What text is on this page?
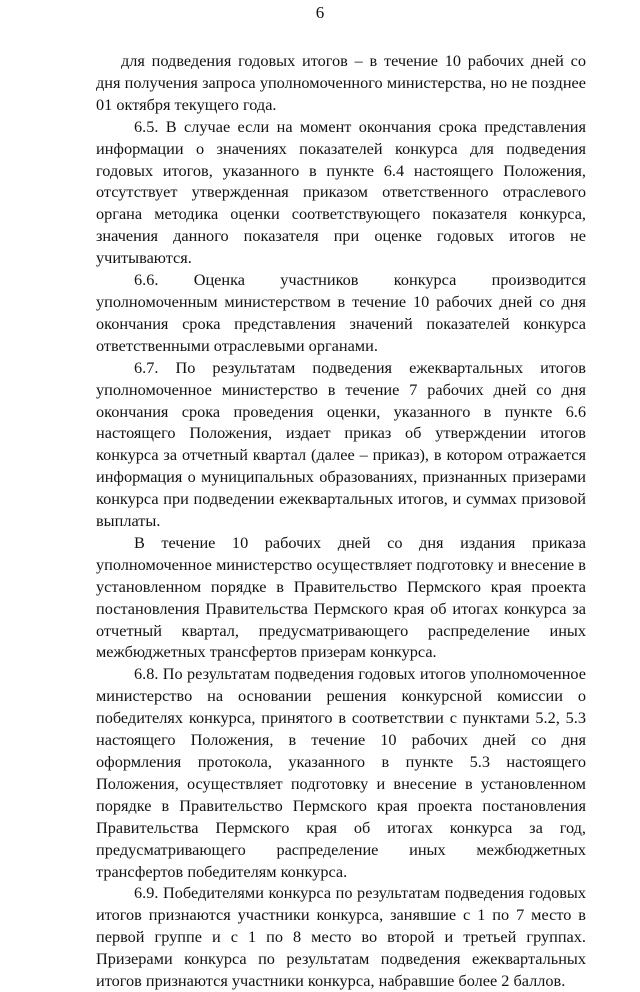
6

для подведения годовых итогов – в течение 10 рабочих дней со дня получения запроса уполномоченного министерства, но не позднее 01 октября текущего года.

6.5. В случае если на момент окончания срока представления информации о значениях показателей конкурса для подведения годовых итогов, указанного в пункте 6.4 настоящего Положения, отсутствует утвержденная приказом ответственного отраслевого органа методика оценки соответствующего показателя конкурса, значения данного показателя при оценке годовых итогов не учитываются.

6.6. Оценка участников конкурса производится уполномоченным министерством в течение 10 рабочих дней со дня окончания срока представления значений показателей конкурса ответственными отраслевыми органами.

6.7. По результатам подведения ежеквартальных итогов уполномоченное министерство в течение 7 рабочих дней со дня окончания срока проведения оценки, указанного в пункте 6.6 настоящего Положения, издает приказ об утверждении итогов конкурса за отчетный квартал (далее – приказ), в котором отражается информация о муниципальных образованиях, признанных призерами конкурса при подведении ежеквартальных итогов, и суммах призовой выплаты.

В течение 10 рабочих дней со дня издания приказа уполномоченное министерство осуществляет подготовку и внесение в установленном порядке в Правительство Пермского края проекта постановления Правительства Пермского края об итогах конкурса за отчетный квартал, предусматривающего распределение иных межбюджетных трансфертов призерам конкурса.

6.8. По результатам подведения годовых итогов уполномоченное министерство на основании решения конкурсной комиссии о победителях конкурса, принятого в соответствии с пунктами 5.2, 5.3 настоящего Положения, в течение 10 рабочих дней со дня оформления протокола, указанного в пункте 5.3 настоящего Положения, осуществляет подготовку и внесение в установленном порядке в Правительство Пермского края проекта постановления Правительства Пермского края об итогах конкурса за год, предусматривающего распределение иных межбюджетных трансфертов победителям конкурса.

6.9. Победителями конкурса по результатам подведения годовых итогов признаются участники конкурса, занявшие с 1 по 7 место в первой группе и с 1 по 8 место во второй и третьей группах. Призерами конкурса по результатам подведения ежеквартальных итогов признаются участники конкурса, набравшие более 2 баллов.
